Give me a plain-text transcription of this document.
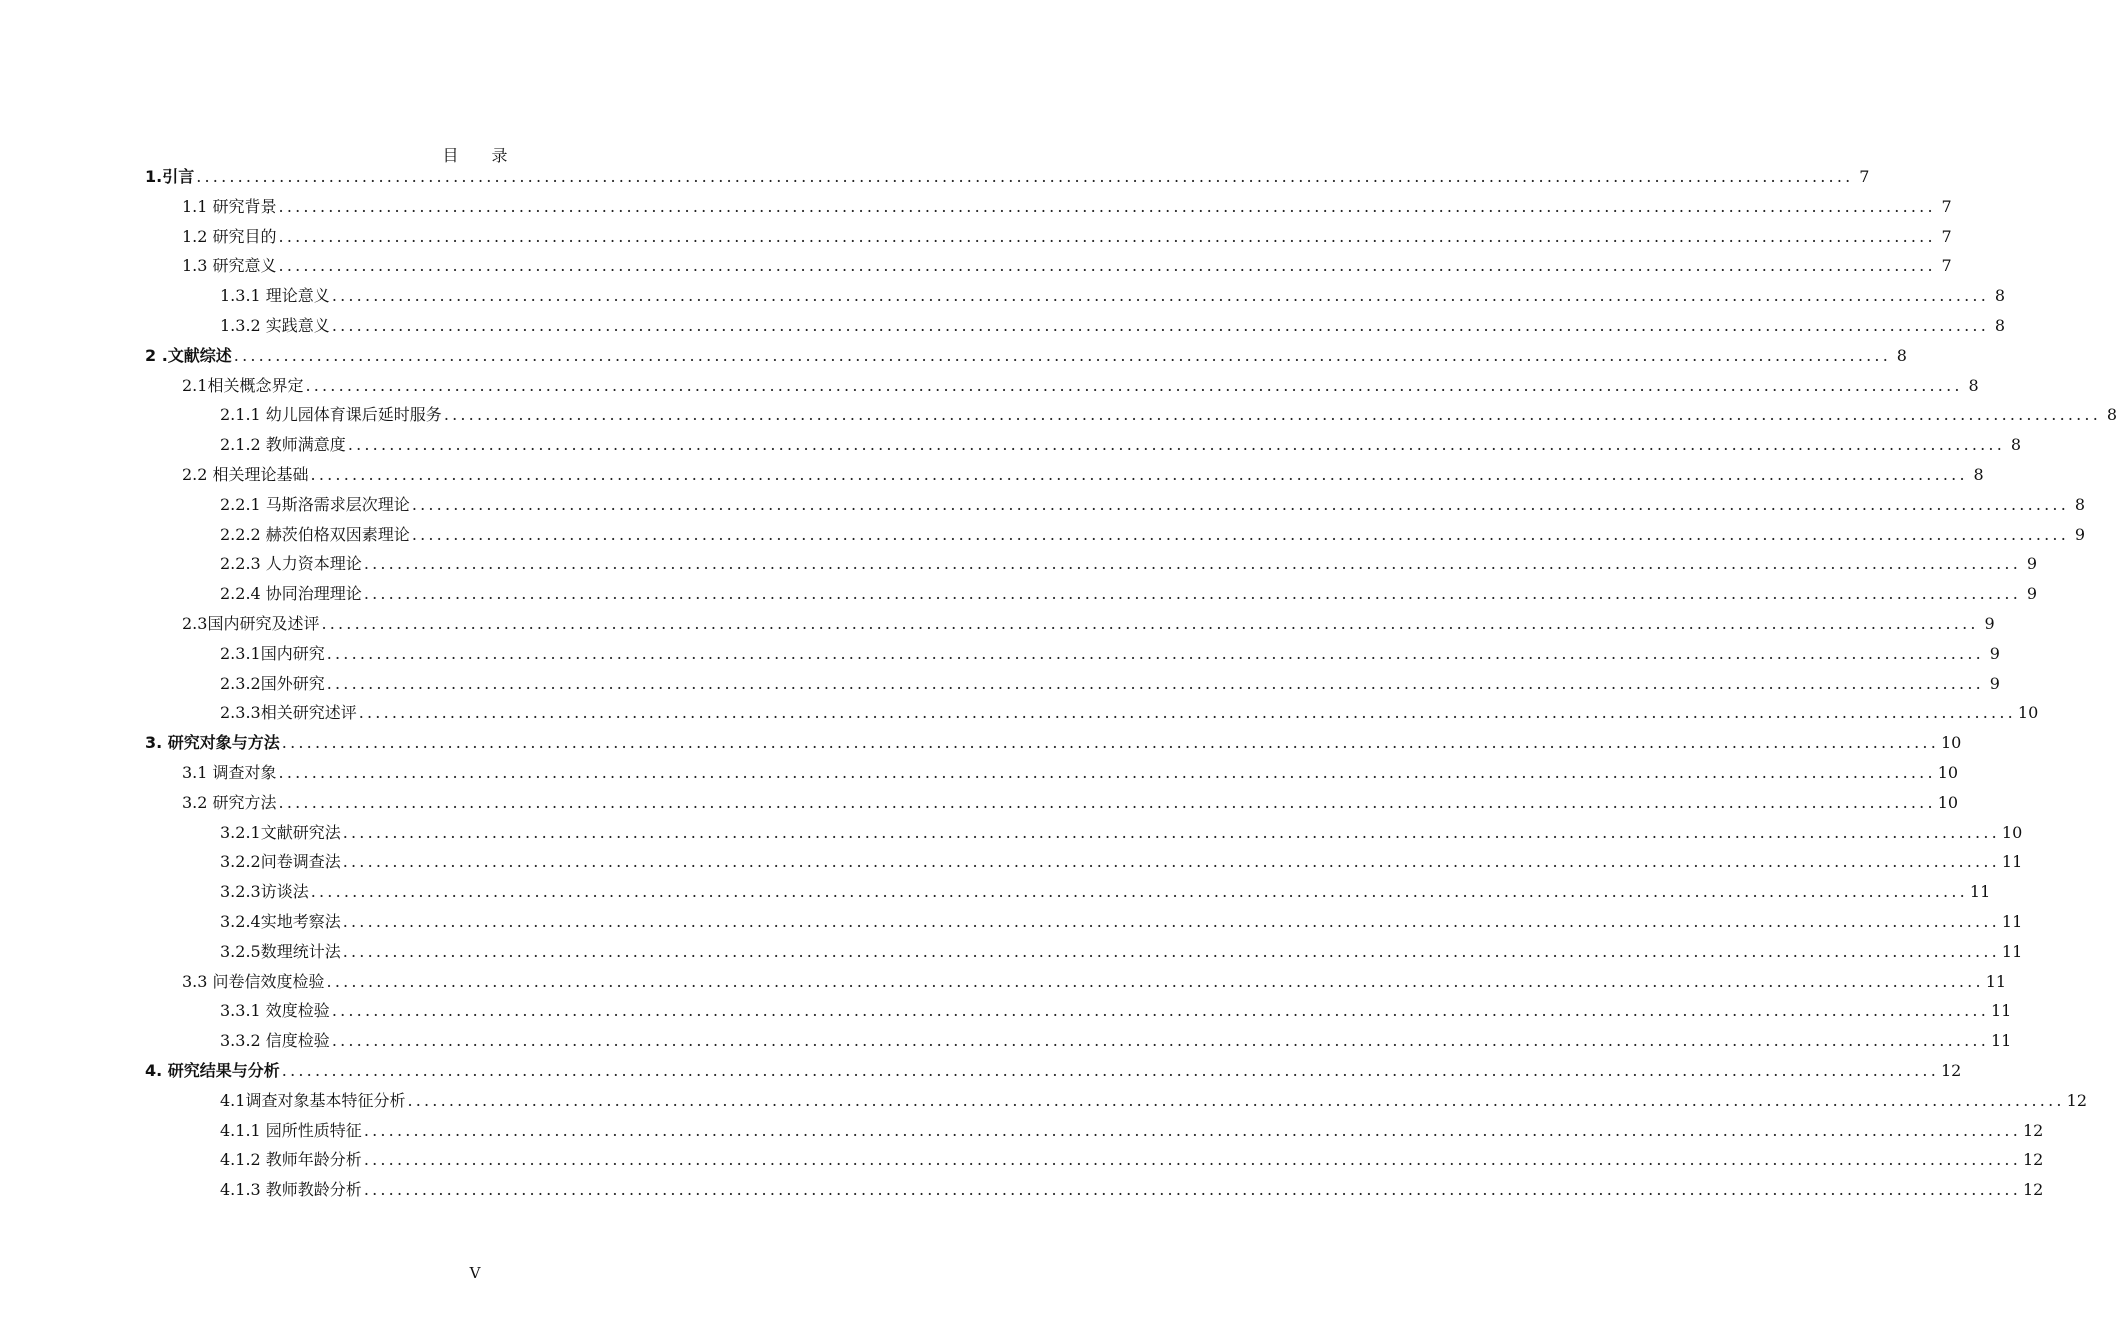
目 录
1.引言 ........................................................................................................................................................................................................ 7
1.1 研究背景 ........................................................................................................................................................................................................ 7
1.2 研究目的 ........................................................................................................................................................................................................ 7
1.3 研究意义 ........................................................................................................................................................................................................ 7
1.3.1 理论意义 ........................................................................................................................................................................................................ 8
1.3.2 实践意义 ........................................................................................................................................................................................................ 8
2 .文献综述 ........................................................................................................................................................................................................ 8
2.1相关概念界定 ........................................................................................................................................................................................................ 8
2.1.1 幼儿园体育课后延时服务 ........................................................................................................................................................................................................ 8
2.1.2 教师满意度 ........................................................................................................................................................................................................ 8
2.2 相关理论基础 ........................................................................................................................................................................................................ 8
2.2.1 马斯洛需求层次理论 ........................................................................................................................................................................................................ 8
2.2.2 赫茨伯格双因素理论 ........................................................................................................................................................................................................ 9
2.2.3 人力资本理论 ........................................................................................................................................................................................................ 9
2.2.4 协同治理理论 ........................................................................................................................................................................................................ 9
2.3国内研究及述评 ........................................................................................................................................................................................................ 9
2.3.1国内研究 ........................................................................................................................................................................................................ 9
2.3.2国外研究 ........................................................................................................................................................................................................ 9
2.3.3相关研究述评 ........................................................................................................................................................................................................ 10
3. 研究对象与方法 ........................................................................................................................................................................................................ 10
3.1 调查对象 ........................................................................................................................................................................................................ 10
3.2 研究方法 ........................................................................................................................................................................................................ 10
3.2.1文献研究法 ........................................................................................................................................................................................................ 10
3.2.2问卷调查法 ........................................................................................................................................................................................................ 11
3.2.3访谈法 ........................................................................................................................................................................................................ 11
3.2.4实地考察法 ........................................................................................................................................................................................................ 11
3.2.5数理统计法 ........................................................................................................................................................................................................ 11
3.3 问卷信效度检验 ........................................................................................................................................................................................................ 11
3.3.1 效度检验 ........................................................................................................................................................................................................ 11
3.3.2 信度检验 ........................................................................................................................................................................................................ 11
4. 研究结果与分析 ........................................................................................................................................................................................................ 12
4.1调查对象基本特征分析 ........................................................................................................................................................................................................ 12
4.1.1 园所性质特征 ........................................................................................................................................................................................................ 12
4.1.2 教师年龄分析 ........................................................................................................................................................................................................ 12
4.1.3 教师教龄分析 ........................................................................................................................................................................................................ 12
V
